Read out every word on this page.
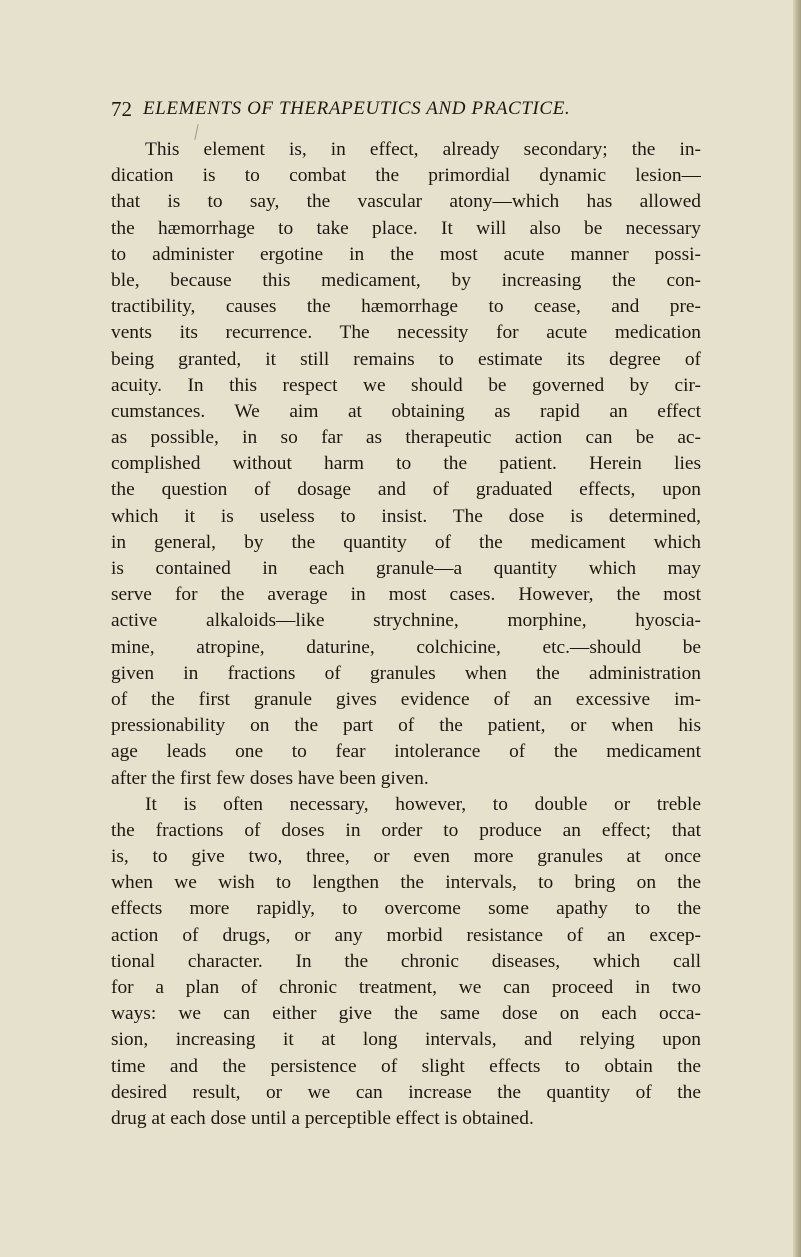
72 ELEMENTS OF THERAPEUTICS AND PRACTICE.
This element is, in effect, already secondary; the in-
dication is to combat the primordial dynamic lesion—
that is to say, the vascular atony—which has allowed
the hæmorrhage to take place. It will also be necessary
to administer ergotine in the most acute manner possi-
ble, because this medicament, by increasing the con-
tractibility, causes the hæmorrhage to cease, and pre-
vents its recurrence. The necessity for acute medication
being granted, it still remains to estimate its degree of
acuity. In this respect we should be governed by cir-
cumstances. We aim at obtaining as rapid an effect
as possible, in so far as therapeutic action can be ac-
complished without harm to the patient. Herein lies
the question of dosage and of graduated effects, upon
which it is useless to insist. The dose is determined,
in general, by the quantity of the medicament which
is contained in each granule—a quantity which may
serve for the average in most cases. However, the most
active alkaloids—like strychnine, morphine, hyoscia-
mine, atropine, daturine, colchicine, etc.—should be
given in fractions of granules when the administration
of the first granule gives evidence of an excessive im-
pressionability on the part of the patient, or when his
age leads one to fear intolerance of the medicament
after the first few doses have been given.
It is often necessary, however, to double or treble
the fractions of doses in order to produce an effect; that
is, to give two, three, or even more granules at once
when we wish to lengthen the intervals, to bring on the
effects more rapidly, to overcome some apathy to the
action of drugs, or any morbid resistance of an excep-
tional character. In the chronic diseases, which call
for a plan of chronic treatment, we can proceed in two
ways: we can either give the same dose on each occa-
sion, increasing it at long intervals, and relying upon
time and the persistence of slight effects to obtain the
desired result, or we can increase the quantity of the
drug at each dose until a perceptible effect is obtained.
